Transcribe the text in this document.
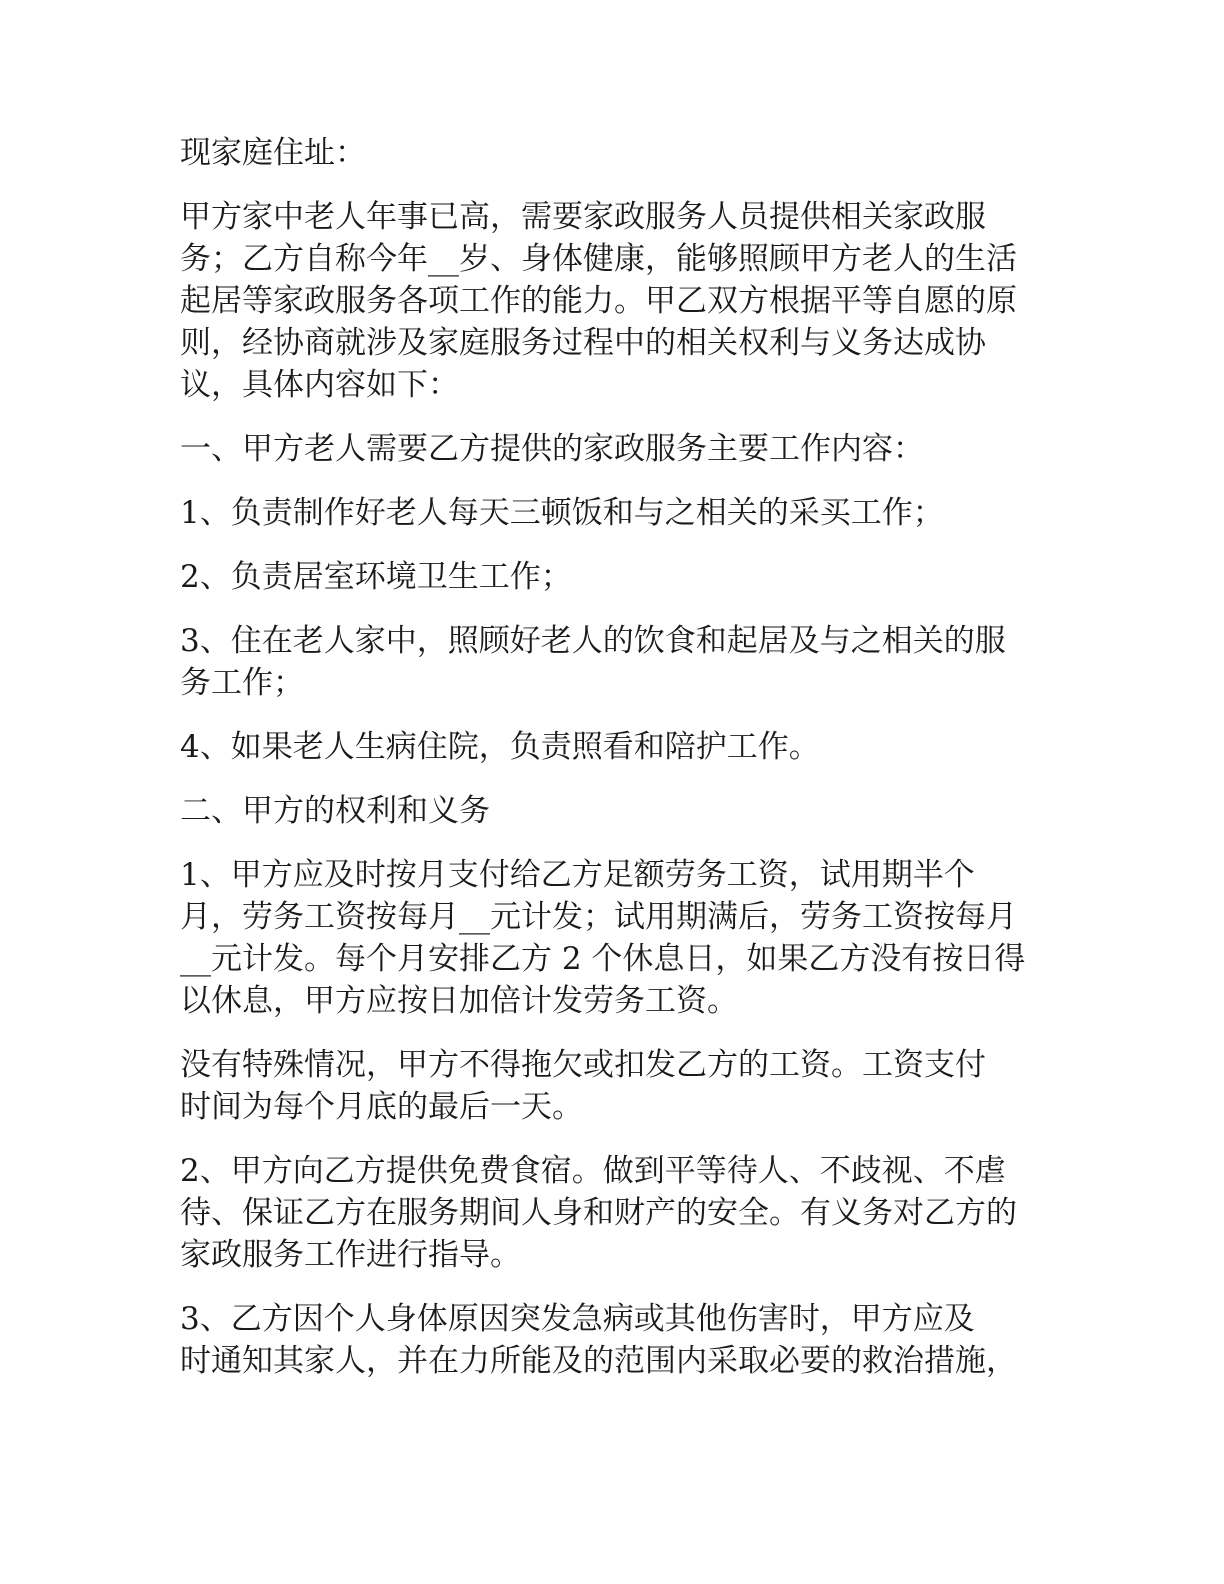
现家庭住址：

甲方家中老人年事已高，需要家政服务人员提供相关家政服
务；乙方自称今年__岁、身体健康，能够照顾甲方老人的生活
起居等家政服务各项工作的能力。甲乙双方根据平等自愿的原
则，经协商就涉及家庭服务过程中的相关权利与义务达成协
议，具体内容如下：

一、甲方老人需要乙方提供的家政服务主要工作内容：

1、负责制作好老人每天三顿饭和与之相关的采买工作；

2、负责居室环境卫生工作；

3、住在老人家中，照顾好老人的饮食和起居及与之相关的服
务工作；

4、如果老人生病住院，负责照看和陪护工作。

二、甲方的权利和义务

1、甲方应及时按月支付给乙方足额劳务工资，试用期半个
月，劳务工资按每月__元计发；试用期满后，劳务工资按每月
__元计发。每个月安排乙方 2 个休息日，如果乙方没有按日得
以休息，甲方应按日加倍计发劳务工资。

没有特殊情况，甲方不得拖欠或扣发乙方的工资。工资支付
时间为每个月底的最后一天。

2、甲方向乙方提供免费食宿。做到平等待人、不歧视、不虐
待、保证乙方在服务期间人身和财产的安全。有义务对乙方的
家政服务工作进行指导。

3、乙方因个人身体原因突发急病或其他伤害时，甲方应及
时通知其家人，并在力所能及的范围内采取必要的救治措施，
